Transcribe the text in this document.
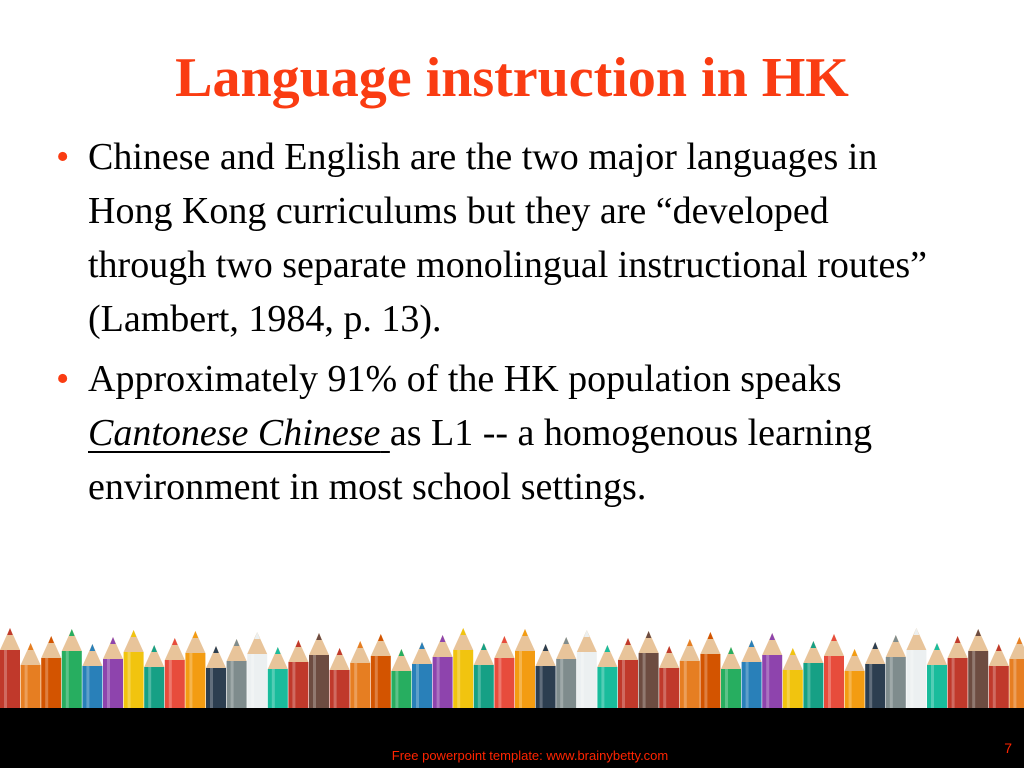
Language instruction in HK
• Chinese and English are the two major languages in Hong Kong curriculums but they are “developed through two separate monolingual instructional routes” (Lambert, 1984, p. 13).
• Approximately 91% of the HK population speaks Cantonese Chinese as L1 -- a homogenous learning environment in most school settings.
Free powerpoint template: www.brainybetty.com	7
